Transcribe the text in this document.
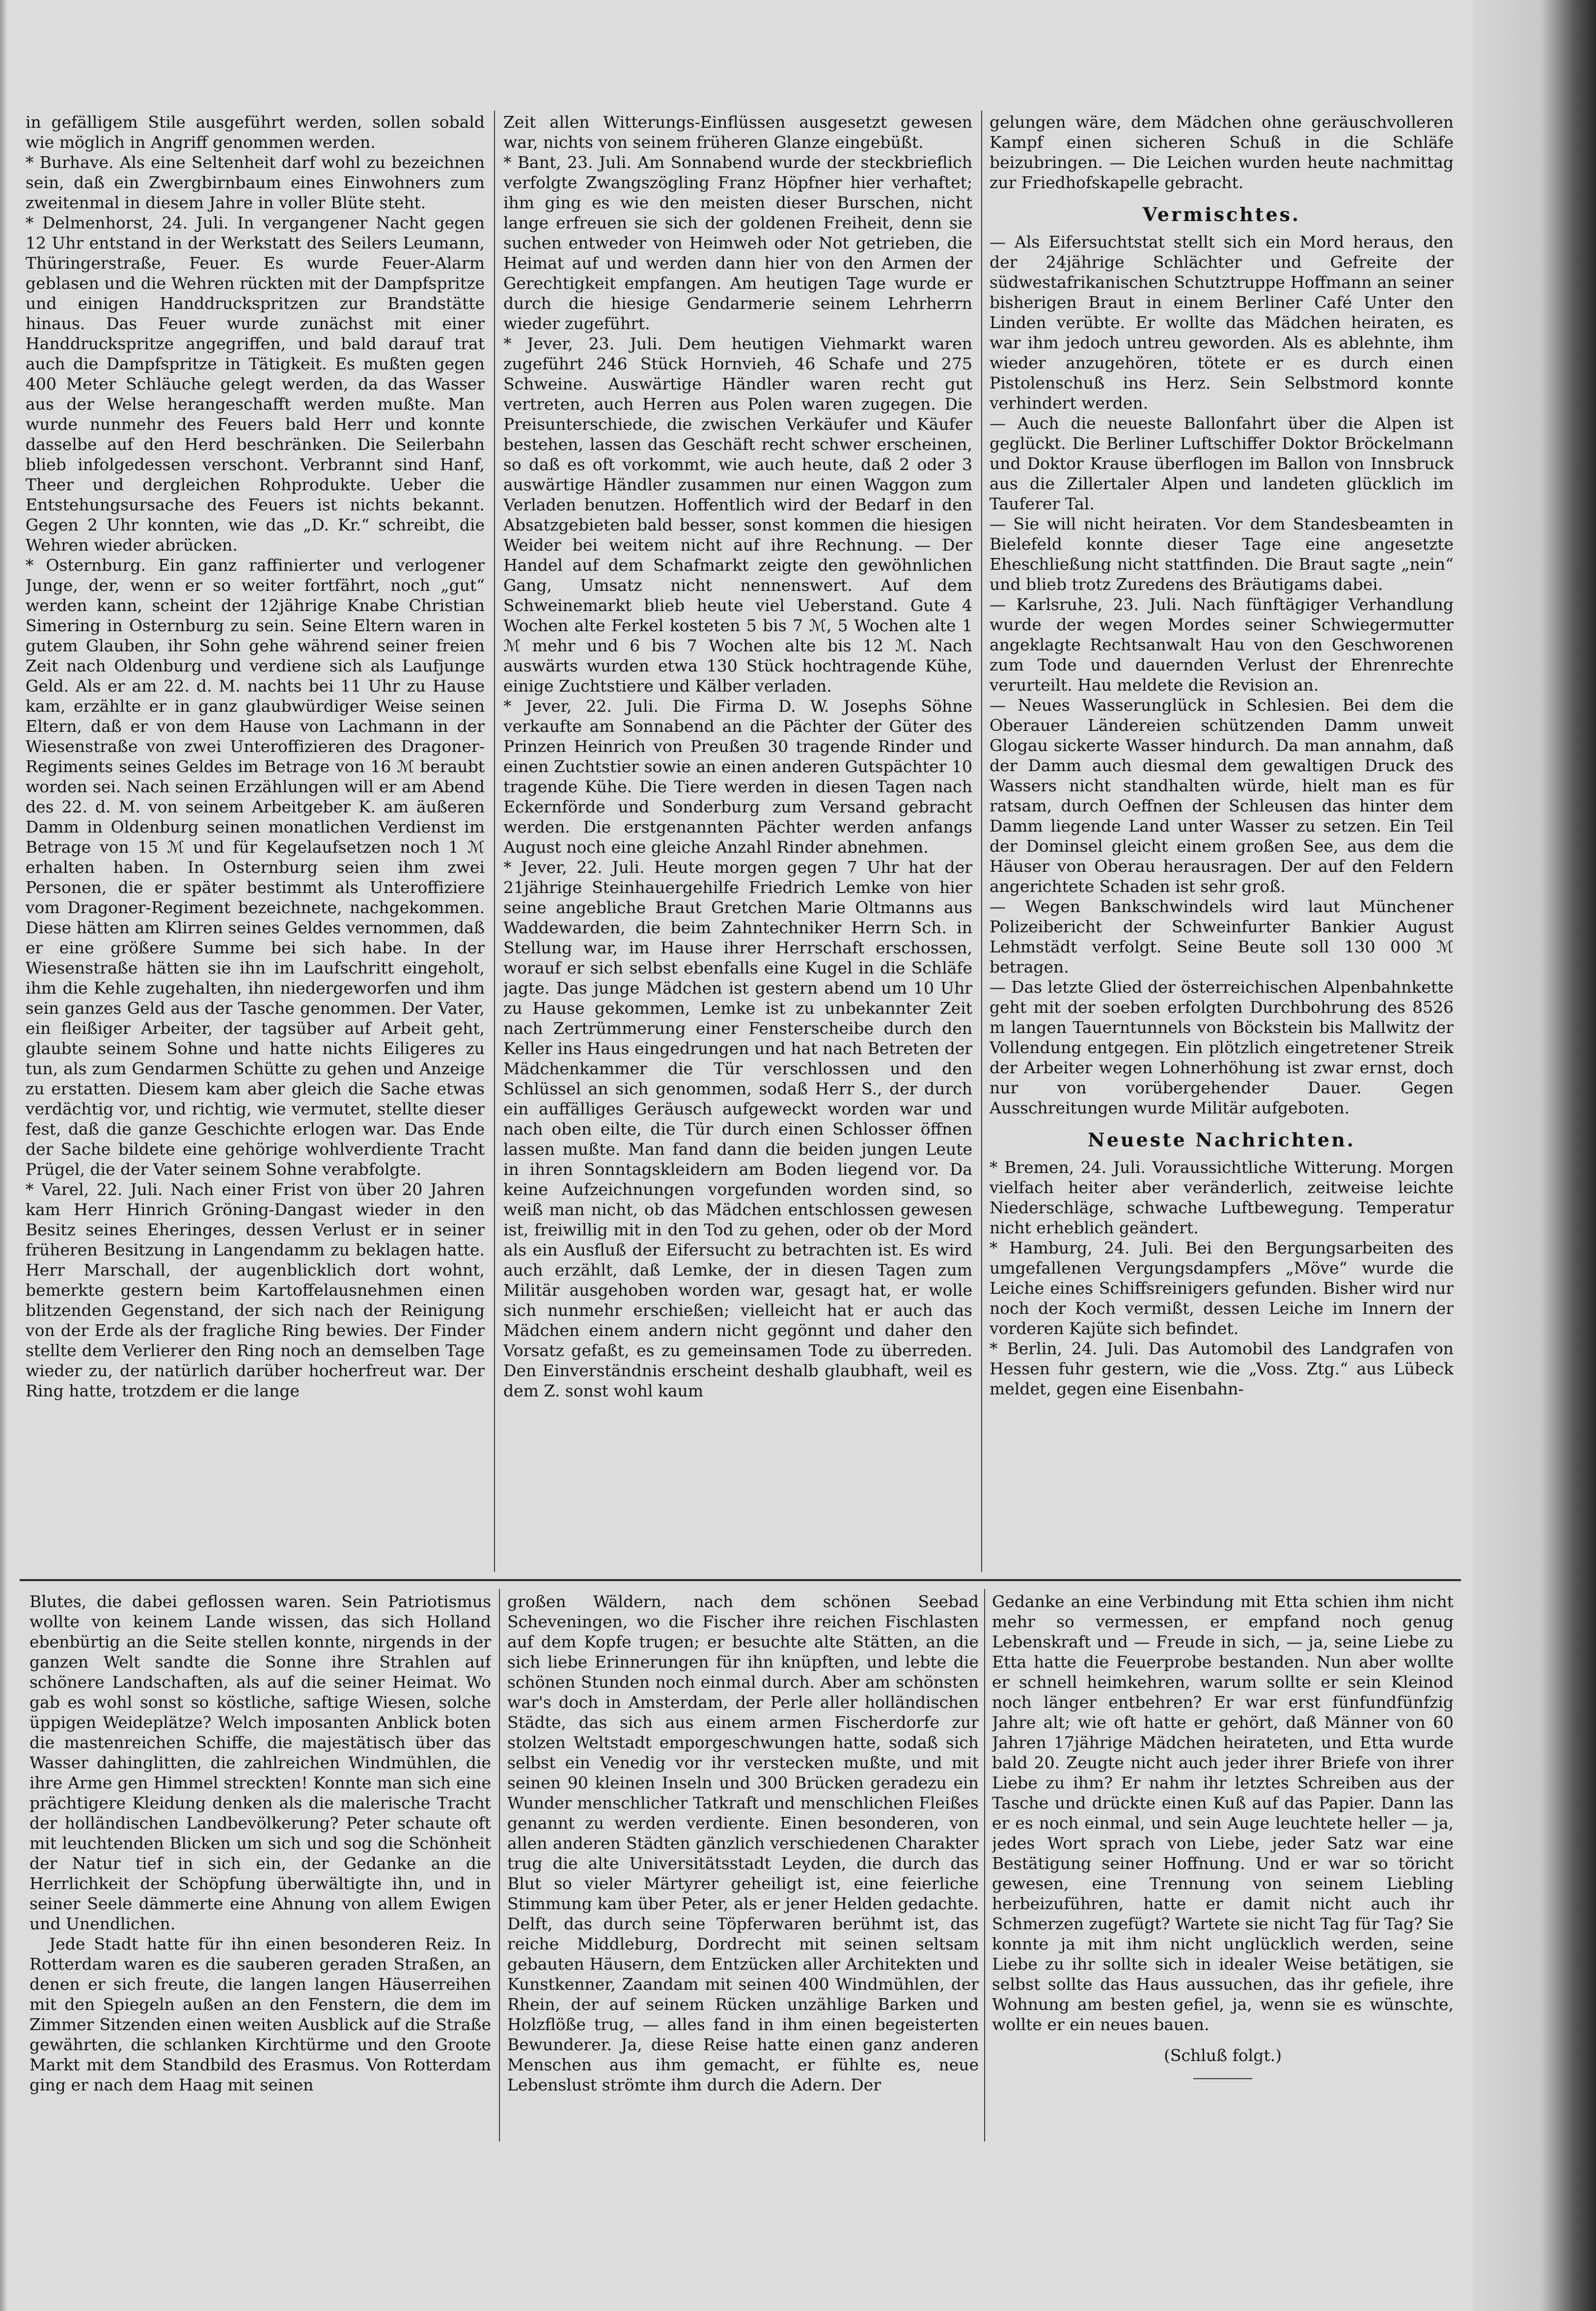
in gefälligem Stile ausgeführt werden, sollen sobald wie möglich in Angriff genommen werden.

* Burhave. Als eine Seltenheit darf wohl zu bezeichnen sein, daß ein Zwergbirnbaum eines Einwohners zum zweitenmal in diesem Jahre in voller Blüte steht.

* Delmenhorst, 24. Juli. In vergangener Nacht gegen 12 Uhr entstand in der Werkstatt des Seilers Leumann, Thüringerstraße, Feuer. Es wurde Feuer-Alarm geblasen und die Wehren rückten mit der Dampfspritze und einigen Handdruckspritzen zur Brandstätte hinaus. Das Feuer wurde zunächst mit einer Handdruckspritze angegriffen, und bald darauf trat auch die Dampfspritze in Tätigkeit. Es mußten gegen 400 Meter Schläuche gelegt werden, da das Wasser aus der Welse herangeschafft werden mußte. Man wurde nunmehr des Feuers bald Herr und konnte dasselbe auf den Herd beschränken. Die Seilerbahn blieb infolgedessen verschont. Verbrannt sind Hanf, Theer und dergleichen Rohprodukte. Ueber die Entstehungsursache des Feuers ist nichts bekannt. Gegen 2 Uhr konnten, wie das „D. Kr.“ schreibt, die Wehren wieder abrücken.

* Osternburg. Ein ganz raffinierter und verlogener Junge, der, wenn er so weiter fortfährt, noch „gut“ werden kann, scheint der 12jährige Knabe Christian Simering in Osternburg zu sein. Seine Eltern waren in gutem Glauben, ihr Sohn gehe während seiner freien Zeit nach Oldenburg und verdiene sich als Laufjunge Geld. Als er am 22. d. M. nachts bei 11 Uhr zu Hause kam, erzählte er in ganz glaubwürdiger Weise seinen Eltern, daß er von dem Hause von Lachmann in der Wiesenstraße von zwei Unteroffizieren des Dragoner-Regiments seines Geldes im Betrage von 16 ℳ beraubt worden sei. Nach seinen Erzählungen will er am Abend des 22. d. M. von seinem Arbeitgeber K. am äußeren Damm in Oldenburg seinen monatlichen Verdienst im Betrage von 15 ℳ und für Kegelaufsetzen noch 1 ℳ erhalten haben. In Osternburg seien ihm zwei Personen, die er später bestimmt als Unteroffiziere vom Dragoner-Regiment bezeichnete, nachgekommen. Diese hätten am Klirren seines Geldes vernommen, daß er eine größere Summe bei sich habe. In der Wiesenstraße hätten sie ihn im Laufschritt eingeholt, ihm die Kehle zugehalten, ihn niedergeworfen und ihm sein ganzes Geld aus der Tasche genommen. Der Vater, ein fleißiger Arbeiter, der tagsüber auf Arbeit geht, glaubte seinem Sohne und hatte nichts Eiligeres zu tun, als zum Gendarmen Schütte zu gehen und Anzeige zu erstatten. Diesem kam aber gleich die Sache etwas verdächtig vor, und richtig, wie vermutet, stellte dieser fest, daß die ganze Geschichte erlogen war. Das Ende der Sache bildete eine gehörige wohlverdiente Tracht Prügel, die der Vater seinem Sohne verabfolgte.

* Varel, 22. Juli. Nach einer Frist von über 20 Jahren kam Herr Hinrich Gröning-Dangast wieder in den Besitz seines Eheringes, dessen Verlust er in seiner früheren Besitzung in Langendamm zu beklagen hatte. Herr Marschall, der augenblicklich dort wohnt, bemerkte gestern beim Kartoffelausnehmen einen blitzenden Gegenstand, der sich nach der Reinigung von der Erde als der fragliche Ring bewies. Der Finder stellte dem Verlierer den Ring noch an demselben Tage wieder zu, der natürlich darüber hocherfreut war. Der Ring hatte, trotzdem er die lange

Zeit allen Witterungs-Einflüssen ausgesetzt gewesen war, nichts von seinem früheren Glanze eingebüßt.

* Bant, 23. Juli. Am Sonnabend wurde der steckbrieflich verfolgte Zwangszögling Franz Höpfner hier verhaftet; ihm ging es wie den meisten dieser Burschen, nicht lange erfreuen sie sich der goldenen Freiheit, denn sie suchen entweder von Heimweh oder Not getrieben, die Heimat auf und werden dann hier von den Armen der Gerechtigkeit empfangen. Am heutigen Tage wurde er durch die hiesige Gendarmerie seinem Lehrherrn wieder zugeführt.

* Jever, 23. Juli. Dem heutigen Viehmarkt waren zugeführt 246 Stück Hornvieh, 46 Schafe und 275 Schweine. Auswärtige Händler waren recht gut vertreten, auch Herren aus Polen waren zugegen. Die Preisunterschiede, die zwischen Verkäufer und Käufer bestehen, lassen das Geschäft recht schwer erscheinen, so daß es oft vorkommt, wie auch heute, daß 2 oder 3 auswärtige Händler zusammen nur einen Waggon zum Verladen benutzen. Hoffentlich wird der Bedarf in den Absatzgebieten bald besser, sonst kommen die hiesigen Weider bei weitem nicht auf ihre Rechnung. — Der Handel auf dem Schafmarkt zeigte den gewöhnlichen Gang, Umsatz nicht nennenswert. Auf dem Schweinemarkt blieb heute viel Ueberstand. Gute 4 Wochen alte Ferkel kosteten 5 bis 7 ℳ, 5 Wochen alte 1 ℳ mehr und 6 bis 7 Wochen alte bis 12 ℳ. Nach auswärts wurden etwa 130 Stück hochtragende Kühe, einige Zuchtstiere und Kälber verladen.

* Jever, 22. Juli. Die Firma D. W. Josephs Söhne verkaufte am Sonnabend an die Pächter der Güter des Prinzen Heinrich von Preußen 30 tragende Rinder und einen Zuchtstier sowie an einen anderen Gutspächter 10 tragende Kühe. Die Tiere werden in diesen Tagen nach Eckernförde und Sonderburg zum Versand gebracht werden. Die erstgenannten Pächter werden anfangs August noch eine gleiche Anzahl Rinder abnehmen.

* Jever, 22. Juli. Heute morgen gegen 7 Uhr hat der 21jährige Steinhauergehilfe Friedrich Lemke von hier seine angebliche Braut Gretchen Marie Oltmanns aus Waddewarden, die beim Zahntechniker Herrn Sch. in Stellung war, im Hause ihrer Herrschaft erschossen, worauf er sich selbst ebenfalls eine Kugel in die Schläfe jagte. Das junge Mädchen ist gestern abend um 10 Uhr zu Hause gekommen, Lemke ist zu unbekannter Zeit nach Zertrümmerung einer Fensterscheibe durch den Keller ins Haus eingedrungen und hat nach Betreten der Mädchenkammer die Tür verschlossen und den Schlüssel an sich genommen, sodaß Herr S., der durch ein auffälliges Geräusch aufgeweckt worden war und nach oben eilte, die Tür durch einen Schlosser öffnen lassen mußte. Man fand dann die beiden jungen Leute in ihren Sonntagskleidern am Boden liegend vor. Da keine Aufzeichnungen vorgefunden worden sind, so weiß man nicht, ob das Mädchen entschlossen gewesen ist, freiwillig mit in den Tod zu gehen, oder ob der Mord als ein Ausfluß der Eifersucht zu betrachten ist. Es wird auch erzählt, daß Lemke, der in diesen Tagen zum Militär ausgehoben worden war, gesagt hat, er wolle sich nunmehr erschießen; vielleicht hat er auch das Mädchen einem andern nicht gegönnt und daher den Vorsatz gefaßt, es zu gemeinsamen Tode zu überreden. Den Einverständnis erscheint deshalb glaubhaft, weil es dem Z. sonst wohl kaum

gelungen wäre, dem Mädchen ohne geräuschvolleren Kampf einen sicheren Schuß in die Schläfe beizubringen. — Die Leichen wurden heute nachmittag zur Friedhofskapelle gebracht.

Vermischtes.

— Als Eifersuchtstat stellt sich ein Mord heraus, den der 24jährige Schlächter und Gefreite der südwestafrikanischen Schutztruppe Hoffmann an seiner bisherigen Braut in einem Berliner Café Unter den Linden verübte. Er wollte das Mädchen heiraten, es war ihm jedoch untreu geworden. Als es ablehnte, ihm wieder anzugehören, tötete er es durch einen Pistolenschuß ins Herz. Sein Selbstmord konnte verhindert werden.

— Auch die neueste Ballonfahrt über die Alpen ist geglückt. Die Berliner Luftschiffer Doktor Bröckelmann und Doktor Krause überflogen im Ballon von Innsbruck aus die Zillertaler Alpen und landeten glücklich im Tauferer Tal.

— Sie will nicht heiraten. Vor dem Standesbeamten in Bielefeld konnte dieser Tage eine angesetzte Eheschließung nicht stattfinden. Die Braut sagte „nein“ und blieb trotz Zuredens des Bräutigams dabei.

— Karlsruhe, 23. Juli. Nach fünftägiger Verhandlung wurde der wegen Mordes seiner Schwiegermutter angeklagte Rechtsanwalt Hau von den Geschworenen zum Tode und dauernden Verlust der Ehrenrechte verurteilt. Hau meldete die Revision an.

— Neues Wasserunglück in Schlesien. Bei dem die Oberauer Ländereien schützenden Damm unweit Glogau sickerte Wasser hindurch. Da man annahm, daß der Damm auch diesmal dem gewaltigen Druck des Wassers nicht standhalten würde, hielt man es für ratsam, durch Oeffnen der Schleusen das hinter dem Damm liegende Land unter Wasser zu setzen. Ein Teil der Dominsel gleicht einem großen See, aus dem die Häuser von Oberau herausragen. Der auf den Feldern angerichtete Schaden ist sehr groß.

— Wegen Bankschwindels wird laut Münchener Polizeibericht der Schweinfurter Bankier August Lehmstädt verfolgt. Seine Beute soll 130 000 ℳ betragen.

— Das letzte Glied der österreichischen Alpenbahnkette geht mit der soeben erfolgten Durchbohrung des 8526 m langen Tauerntunnels von Böckstein bis Mallwitz der Vollendung entgegen. Ein plötzlich eingetretener Streik der Arbeiter wegen Lohnerhöhung ist zwar ernst, doch nur von vorübergehender Dauer. Gegen Ausschreitungen wurde Militär aufgeboten.

Neueste Nachrichten.

* Bremen, 24. Juli. Voraussichtliche Witterung. Morgen vielfach heiter aber veränderlich, zeitweise leichte Niederschläge, schwache Luftbewegung. Temperatur nicht erheblich geändert.

* Hamburg, 24. Juli. Bei den Bergungsarbeiten des umgefallenen Vergungsdampfers „Möve“ wurde die Leiche eines Schiffsreinigers gefunden. Bisher wird nur noch der Koch vermißt, dessen Leiche im Innern der vorderen Kajüte sich befindet.

* Berlin, 24. Juli. Das Automobil des Landgrafen von Hessen fuhr gestern, wie die „Voss. Ztg.“ aus Lübeck meldet, gegen eine Eisenbahn-

Blutes, die dabei geflossen waren. Sein Patriotismus wollte von keinem Lande wissen, das sich Holland ebenbürtig an die Seite stellen konnte, nirgends in der ganzen Welt sandte die Sonne ihre Strahlen auf schönere Landschaften, als auf die seiner Heimat. Wo gab es wohl sonst so köstliche, saftige Wiesen, solche üppigen Weideplätze? Welch imposanten Anblick boten die mastenreichen Schiffe, die majestätisch über das Wasser dahinglitten, die zahlreichen Windmühlen, die ihre Arme gen Himmel streckten! Konnte man sich eine prächtigere Kleidung denken als die malerische Tracht der holländischen Landbevölkerung? Peter schaute oft mit leuchtenden Blicken um sich und sog die Schönheit der Natur tief in sich ein, der Gedanke an die Herrlichkeit der Schöpfung überwältigte ihn, und in seiner Seele dämmerte eine Ahnung von allem Ewigen und Unendlichen.

Jede Stadt hatte für ihn einen besonderen Reiz. In Rotterdam waren es die sauberen geraden Straßen, an denen er sich freute, die langen langen Häuserreihen mit den Spiegeln außen an den Fenstern, die dem im Zimmer Sitzenden einen weiten Ausblick auf die Straße gewährten, die schlanken Kirchtürme und den Groote Markt mit dem Standbild des Erasmus. Von Rotterdam ging er nach dem Haag mit seinen

großen Wäldern, nach dem schönen Seebad Scheveningen, wo die Fischer ihre reichen Fischlasten auf dem Kopfe trugen; er besuchte alte Stätten, an die sich liebe Erinnerungen für ihn knüpften, und lebte die schönen Stunden noch einmal durch. Aber am schönsten war's doch in Amsterdam, der Perle aller holländischen Städte, das sich aus einem armen Fischerdorfe zur stolzen Weltstadt emporgeschwungen hatte, sodaß sich selbst ein Venedig vor ihr verstecken mußte, und mit seinen 90 kleinen Inseln und 300 Brücken geradezu ein Wunder menschlicher Tatkraft und menschlichen Fleißes genannt zu werden verdiente. Einen besonderen, von allen anderen Städten gänzlich verschiedenen Charakter trug die alte Universitätsstadt Leyden, die durch das Blut so vieler Märtyrer geheiligt ist, eine feierliche Stimmung kam über Peter, als er jener Helden gedachte. Delft, das durch seine Töpferwaren berühmt ist, das reiche Middleburg, Dordrecht mit seinen seltsam gebauten Häusern, dem Entzücken aller Architekten und Kunstkenner, Zaandam mit seinen 400 Windmühlen, der Rhein, der auf seinem Rücken unzählige Barken und Holzflöße trug, — alles fand in ihm einen begeisterten Bewunderer. Ja, diese Reise hatte einen ganz anderen Menschen aus ihm gemacht, er fühlte es, neue Lebenslust strömte ihm durch die Adern. Der

Gedanke an eine Verbindung mit Etta schien ihm nicht mehr so vermessen, er empfand noch genug Lebenskraft und — Freude in sich, — ja, seine Liebe zu Etta hatte die Feuerprobe bestanden. Nun aber wollte er schnell heimkehren, warum sollte er sein Kleinod noch länger entbehren? Er war erst fünfundfünfzig Jahre alt; wie oft hatte er gehört, daß Männer von 60 Jahren 17jährige Mädchen heirateten, und Etta wurde bald 20. Zeugte nicht auch jeder ihrer Briefe von ihrer Liebe zu ihm? Er nahm ihr letztes Schreiben aus der Tasche und drückte einen Kuß auf das Papier. Dann las er es noch einmal, und sein Auge leuchtete heller — ja, jedes Wort sprach von Liebe, jeder Satz war eine Bestätigung seiner Hoffnung. Und er war so töricht gewesen, eine Trennung von seinem Liebling herbeizuführen, hatte er damit nicht auch ihr Schmerzen zugefügt? Wartete sie nicht Tag für Tag? Sie konnte ja mit ihm nicht unglücklich werden, seine Liebe zu ihr sollte sich in idealer Weise betätigen, sie selbst sollte das Haus aussuchen, das ihr gefiele, ihre Wohnung am besten gefiel, ja, wenn sie es wünschte, wollte er ein neues bauen.

(Schluß folgt.)
